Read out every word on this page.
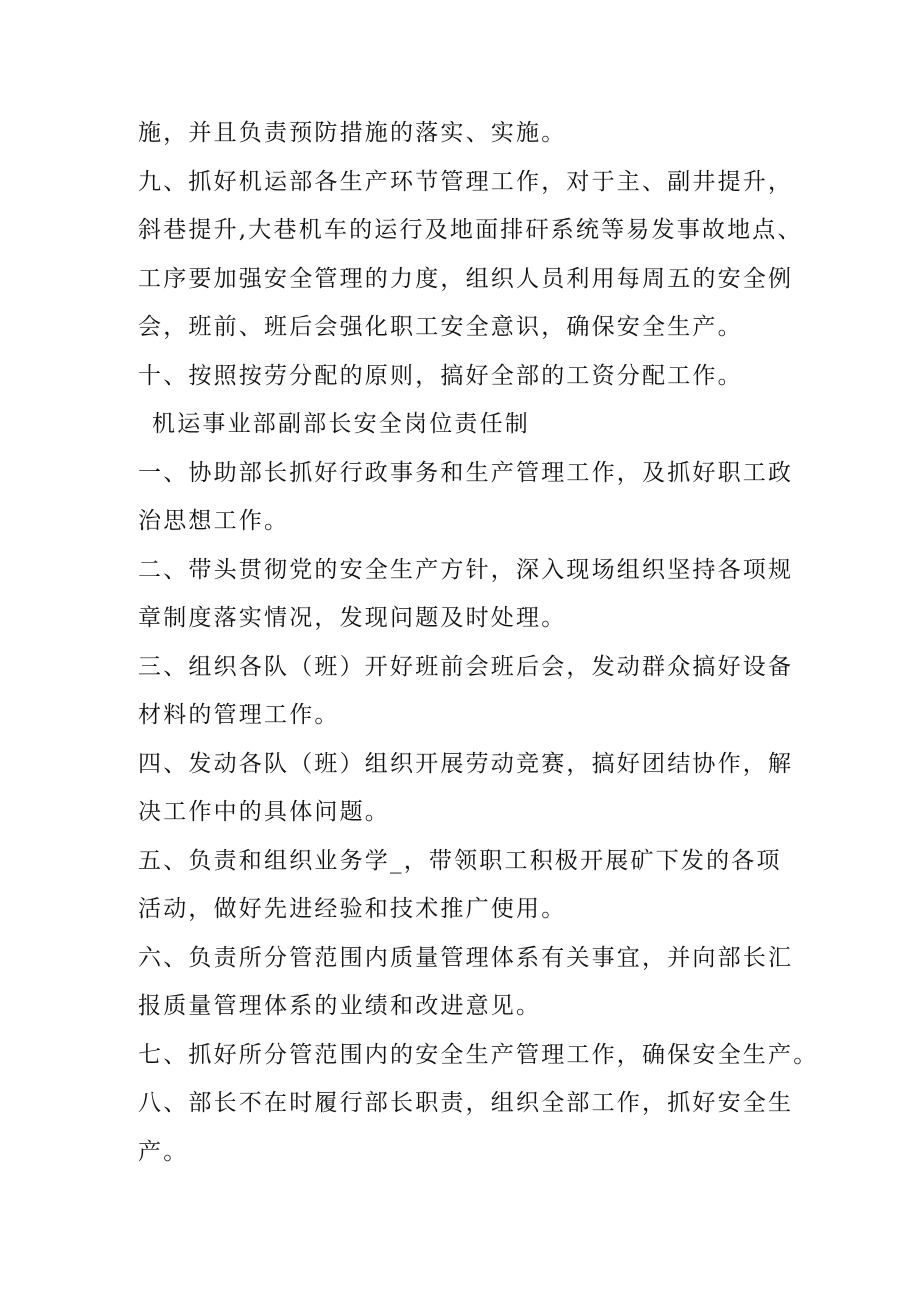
施，并且负责预防措施的落实、实施。
九、抓好机运部各生产环节管理工作，对于主、副井提升，
斜巷提升,大巷机车的运行及地面排矸系统等易发事故地点、
工序要加强安全管理的力度，组织人员利用每周五的安全例
会，班前、班后会强化职工安全意识，确保安全生产。
十、按照按劳分配的原则，搞好全部的工资分配工作。
机运事业部副部长安全岗位责任制
一、协助部长抓好行政事务和生产管理工作，及抓好职工政
治思想工作。
二、带头贯彻党的安全生产方针，深入现场组织坚持各项规
章制度落实情况，发现问题及时处理。
三、组织各队（班）开好班前会班后会，发动群众搞好设备
材料的管理工作。
四、发动各队（班）组织开展劳动竞赛，搞好团结协作，解
决工作中的具体问题。
五、负责和组织业务学_，带领职工积极开展矿下发的各项
活动，做好先进经验和技术推广使用。
六、负责所分管范围内质量管理体系有关事宜，并向部长汇
报质量管理体系的业绩和改进意见。
七、抓好所分管范围内的安全生产管理工作，确保安全生产。
八、部长不在时履行部长职责，组织全部工作，抓好安全生
产。
